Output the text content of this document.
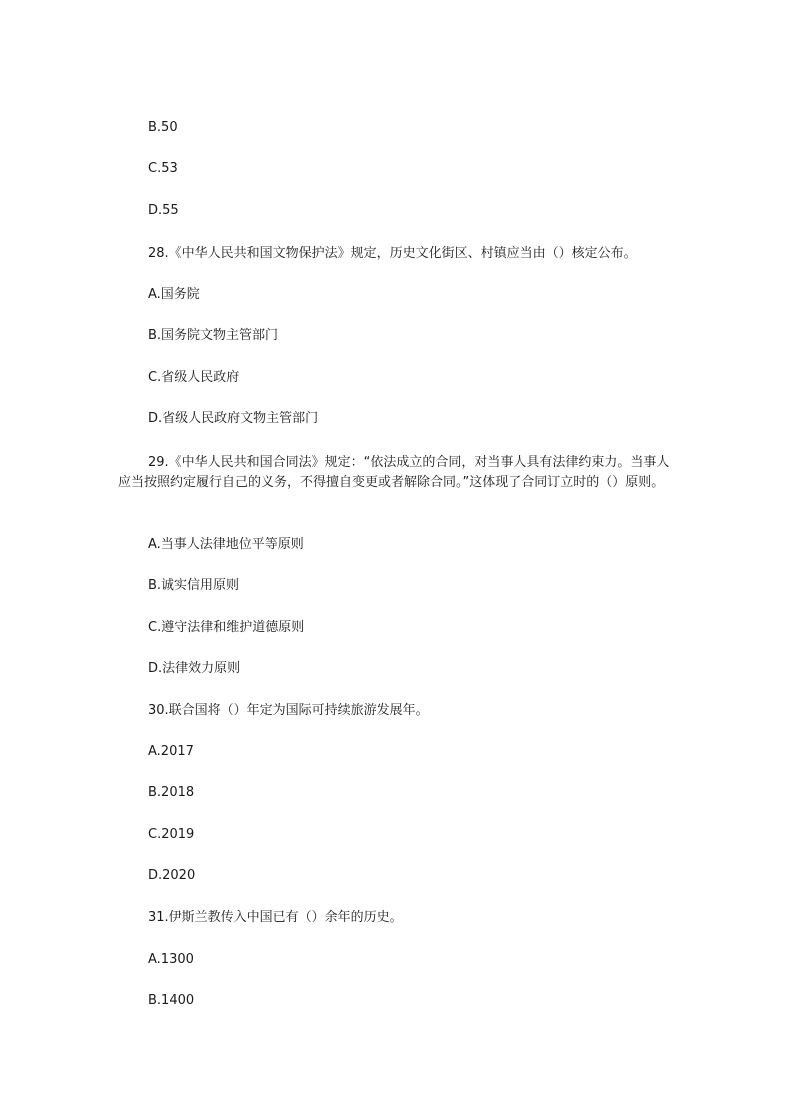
B.50
C.53
D.55
28.《中华人民共和国文物保护法》规定，历史文化街区、村镇应当由（）核定公布。
A.国务院
B.国务院文物主管部门
C.省级人民政府
D.省级人民政府文物主管部门
29.《中华人民共和国合同法》规定：“依法成立的合同，对当事人具有法律约束力。当事人应当按照约定履行自己的义务，不得擅自变更或者解除合同。”这体现了合同订立时的（）原则。
A.当事人法律地位平等原则
B.诚实信用原则
C.遵守法律和维护道德原则
D.法律效力原则
30.联合国将（）年定为国际可持续旅游发展年。
A.2017
B.2018
C.2019
D.2020
31.伊斯兰教传入中国已有（）余年的历史。
A.1300
B.1400
